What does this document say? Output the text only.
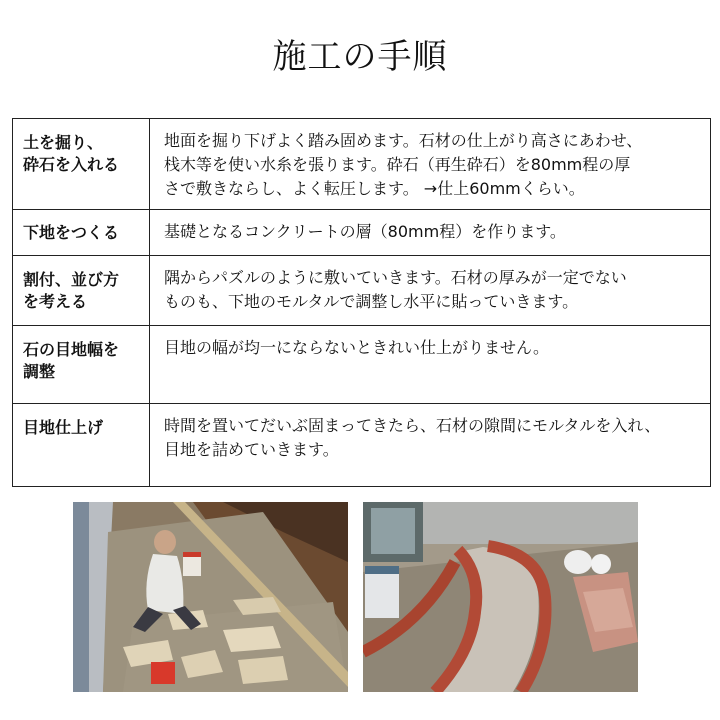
施工の手順
土を掘り、
砕石を入れる	地面を掘り下げよく踏み固めます。石材の仕上がり高さにあわせ、
栈木等を使い水糸を張ります。砕石（再生砕石）を80mm程の厚
さで敷きならし、よく転圧します。 →仕上60mmくらい。

下地をつくる	基礎となるコンクリートの層（80mm程）を作ります。

割付、並び方
を考える	隅からパズルのように敷いていきます。石材の厚みが一定でない
ものも、下地のモルタルで調整し水平に貼っていきます。

石の目地幅を
調整	目地の幅が均一にならないときれい仕上がりません。

目地仕上げ	時間を置いてだいぶ固まってきたら、石材の隙間にモルタルを入れ、
目地を詰めていきます。
